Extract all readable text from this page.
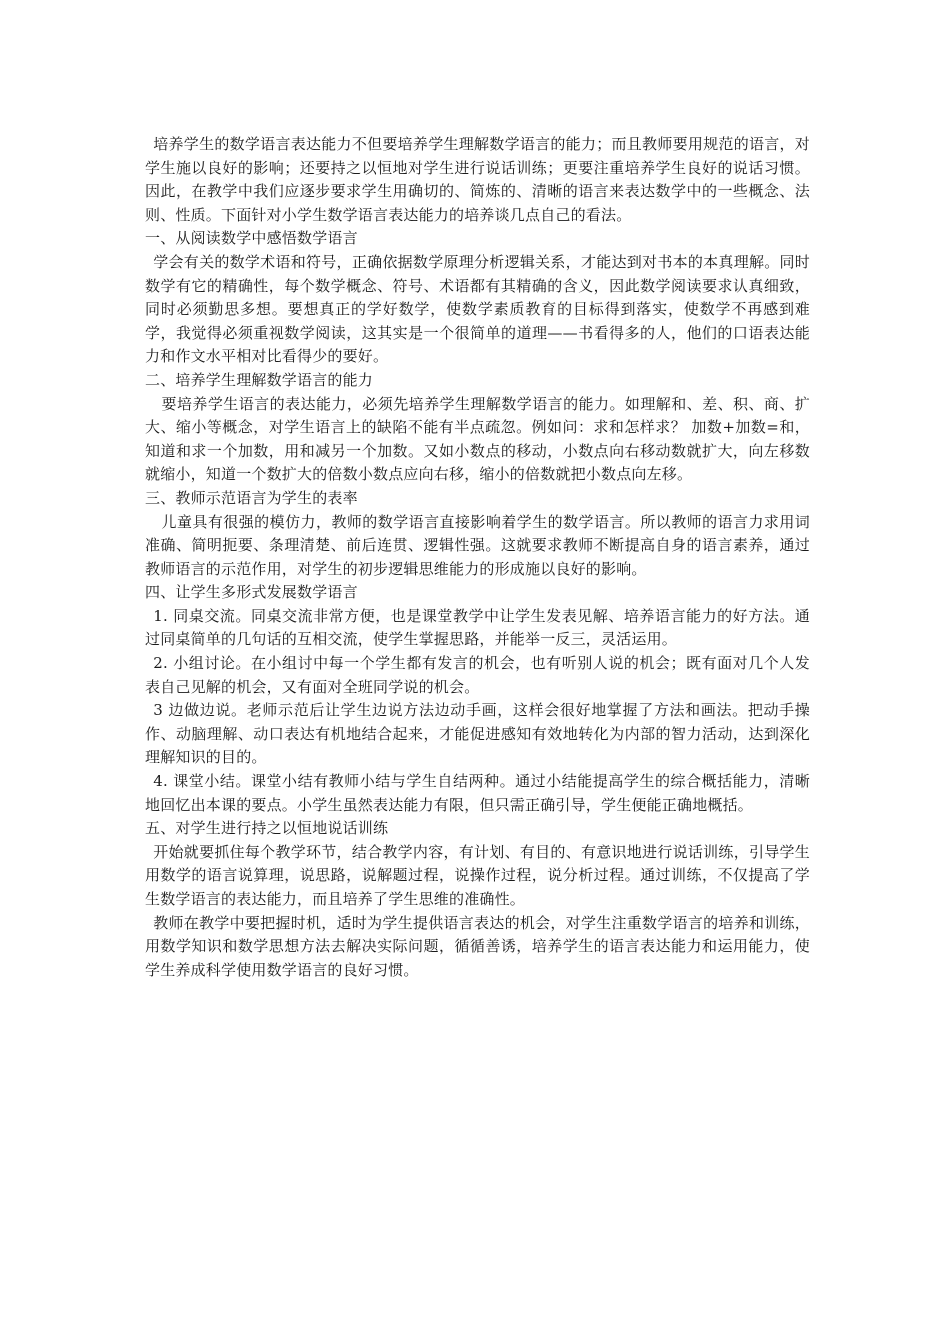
培养学生的数学语言表达能力不但要培养学生理解数学语言的能力；而且教师要用规范的语言，对学生施以良好的影响；还要持之以恒地对学生进行说话训练；更要注重培养学生良好的说话习惯。因此，在教学中我们应逐步要求学生用确切的、简炼的、清晰的语言来表达数学中的一些概念、法则、性质。下面针对小学生数学语言表达能力的培养谈几点自己的看法。

一、从阅读数学中感悟数学语言

学会有关的数学术语和符号，正确依据数学原理分析逻辑关系，才能达到对书本的本真理解。同时数学有它的精确性，每个数学概念、符号、术语都有其精确的含义，因此数学阅读要求认真细致，同时必须勤思多想。要想真正的学好数学，使数学素质教育的目标得到落实，使数学不再感到难学，我觉得必须重视数学阅读，这其实是一个很简单的道理——书看得多的人，他们的口语表达能力和作文水平相对比看得少的要好。

二、培养学生理解数学语言的能力

要培养学生语言的表达能力，必须先培养学生理解数学语言的能力。如理解和、差、积、商、扩大、缩小等概念，对学生语言上的缺陷不能有半点疏忽。例如问：求和怎样求？ 加数+加数=和，知道和求一个加数，用和减另一个加数。又如小数点的移动，小数点向右移动数就扩大，向左移数就缩小，知道一个数扩大的倍数小数点应向右移，缩小的倍数就把小数点向左移。

三、教师示范语言为学生的表率

儿童具有很强的模仿力，教师的数学语言直接影响着学生的数学语言。所以教师的语言力求用词准确、简明扼要、条理清楚、前后连贯、逻辑性强。这就要求教师不断提高自身的语言素养，通过教师语言的示范作用，对学生的初步逻辑思维能力的形成施以良好的影响。

四、让学生多形式发展数学语言

1. 同桌交流。同桌交流非常方便，也是课堂教学中让学生发表见解、培养语言能力的好方法。通过同桌简单的几句话的互相交流，使学生掌握思路，并能举一反三，灵活运用。

2. 小组讨论。在小组讨中每一个学生都有发言的机会，也有听别人说的机会；既有面对几个人发表自己见解的机会，又有面对全班同学说的机会。

3 边做边说。老师示范后让学生边说方法边动手画，这样会很好地掌握了方法和画法。把动手操作、动脑理解、动口表达有机地结合起来，才能促进感知有效地转化为内部的智力活动，达到深化理解知识的目的。

4. 课堂小结。课堂小结有教师小结与学生自结两种。通过小结能提高学生的综合概括能力，清晰地回忆出本课的要点。小学生虽然表达能力有限，但只需正确引导，学生便能正确地概括。

五、对学生进行持之以恒地说话训练

开始就要抓住每个教学环节，结合教学内容，有计划、有目的、有意识地进行说话训练，引导学生用数学的语言说算理，说思路，说解题过程，说操作过程，说分析过程。通过训练，不仅提高了学生数学语言的表达能力，而且培养了学生思维的准确性。

教师在教学中要把握时机，适时为学生提供语言表达的机会，对学生注重数学语言的培养和训练，用数学知识和数学思想方法去解决实际问题，循循善诱，培养学生的语言表达能力和运用能力，使学生养成科学使用数学语言的良好习惯。
